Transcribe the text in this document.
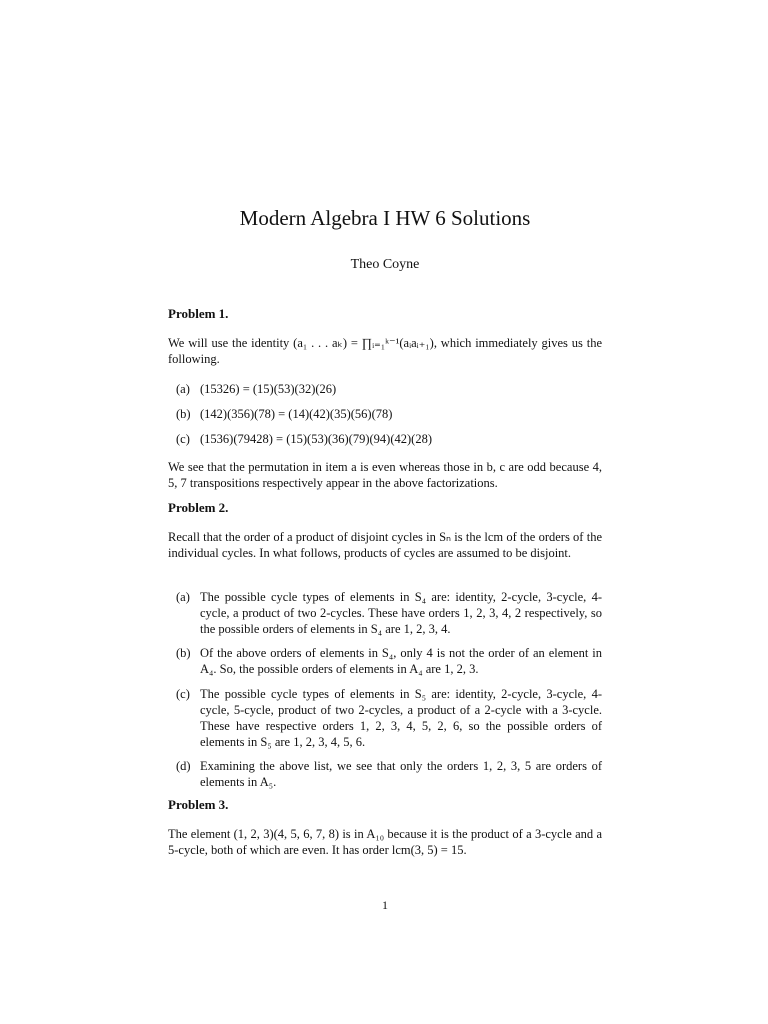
Modern Algebra I HW 6 Solutions
Theo Coyne
Problem 1.
We will use the identity (a₁ . . . aₖ) = ∏ᵢ₌₁ᵏ⁻¹(aᵢaᵢ₊₁), which immediately gives us the following.
(a) (15326) = (15)(53)(32)(26)
(b) (142)(356)(78) = (14)(42)(35)(56)(78)
(c) (1536)(79428) = (15)(53)(36)(79)(94)(42)(28)
We see that the permutation in item a is even whereas those in b, c are odd because 4, 5, 7 transpositions respectively appear in the above factorizations.
Problem 2.
Recall that the order of a product of disjoint cycles in Sₙ is the lcm of the orders of the individual cycles. In what follows, products of cycles are assumed to be disjoint.
(a) The possible cycle types of elements in S₄ are: identity, 2-cycle, 3-cycle, 4-cycle, a product of two 2-cycles. These have orders 1, 2, 3, 4, 2 respectively, so the possible orders of elements in S₄ are 1, 2, 3, 4.
(b) Of the above orders of elements in S₄, only 4 is not the order of an element in A₄. So, the possible orders of elements in A₄ are 1, 2, 3.
(c) The possible cycle types of elements in S₅ are: identity, 2-cycle, 3-cycle, 4-cycle, 5-cycle, product of two 2-cycles, a product of a 2-cycle with a 3-cycle. These have respective orders 1, 2, 3, 4, 5, 2, 6, so the possible orders of elements in S₅ are 1, 2, 3, 4, 5, 6.
(d) Examining the above list, we see that only the orders 1, 2, 3, 5 are orders of elements in A₅.
Problem 3.
The element (1, 2, 3)(4, 5, 6, 7, 8) is in A₁₀ because it is the product of a 3-cycle and a 5-cycle, both of which are even. It has order lcm(3, 5) = 15.
1
